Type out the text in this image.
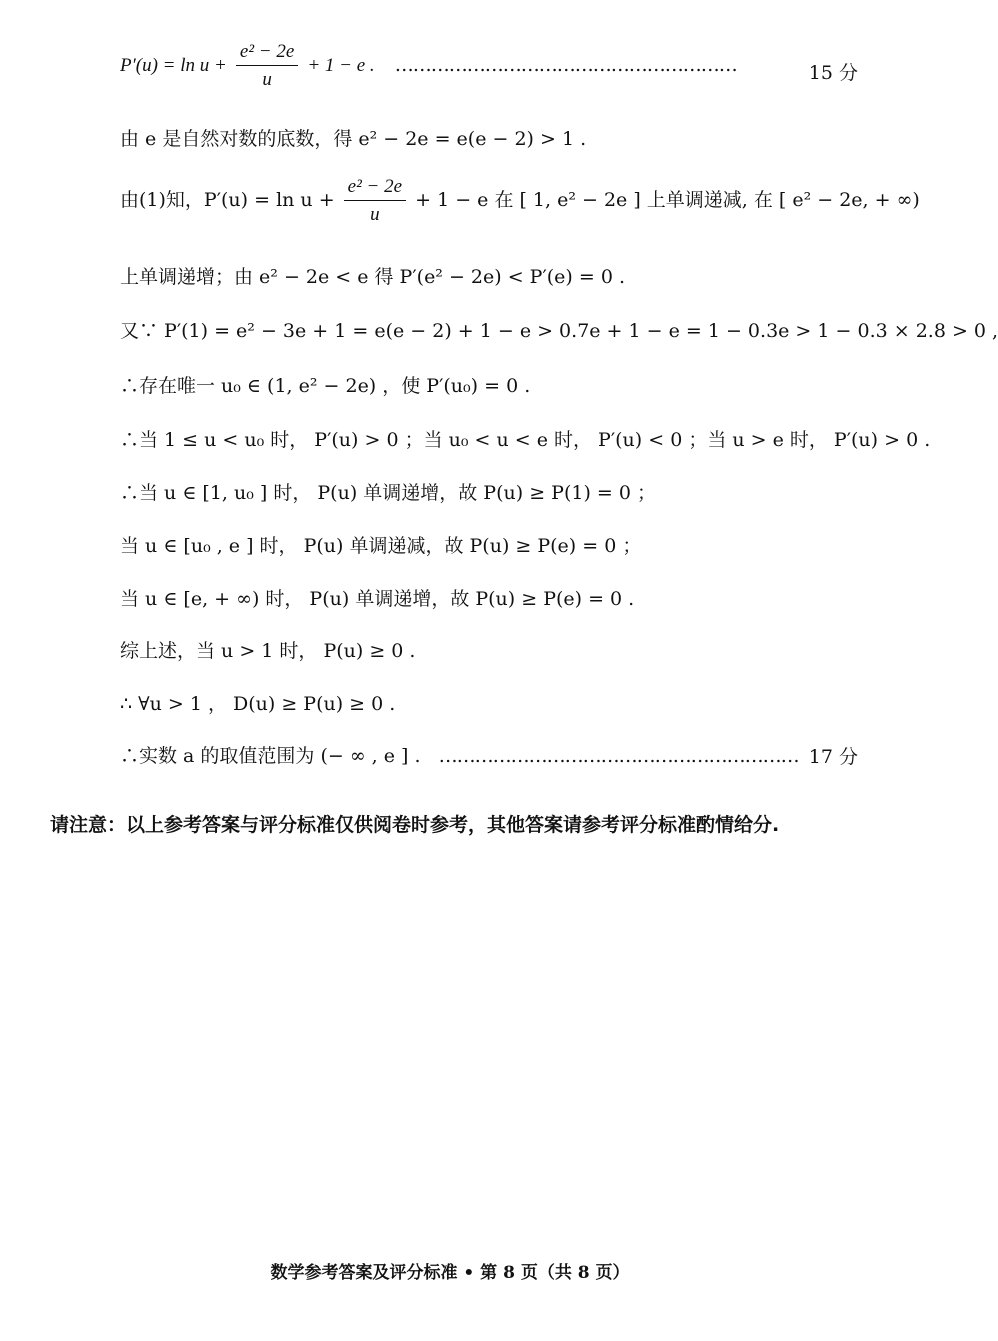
$P'(u) = \ln u + \frac{\text{e² − 2e}}{u} + 1 - e$ . …………………………………………………	15 分
由 e 是自然对数的底数，得 e² − 2e = e(e − 2) > 1 .
由(1)知，$P'(u) = \ln u + \frac{\text{e² − 2e}}{u} + 1 - e$ 在 [ 1, e² − 2e ] 上单调递减, 在 [ e² − 2e, + ∞)
上单调递增；由 e² − 2e < e 得 P′(e² − 2e) < P′(e) = 0 .
又∵ P′(1) = e² − 3e + 1 = e(e − 2) + 1 − e > 0.7e + 1 − e = 1 − 0.3e > 1 − 0.3 × 2.8 > 0 ,
∴存在唯一 u₀ ∈ (1, e² − 2e) ，使 P′(u₀) = 0 .
∴当 1 ≤ u < u₀ 时， P′(u) > 0 ；当 u₀ < u < e 时， P′(u) < 0 ；当 u > e 时， P′(u) > 0 .
∴当 u ∈ [1, u₀ ] 时， P(u) 单调递增，故 P(u) ≥ P(1) = 0 ；
当 u ∈ [u₀ , e ] 时， P(u) 单调递减，故 P(u) ≥ P(e) = 0 ；
当 u ∈ [e, + ∞) 时， P(u) 单调递增，故 P(u) ≥ P(e) = 0 .
综上述，当 u > 1 时， P(u) ≥ 0 .
∴ ∀u > 1 ， D(u) ≥ P(u) ≥ 0 .
∴实数 a 的取值范围为 (− ∞ , e ] . …………………………………………………… 17 分
请注意：以上参考答案与评分标准仅供阅卷时参考，其他答案请参考评分标准酌情给分.
数学参考答案及评分标准 • 第 8 页（共 8 页）
